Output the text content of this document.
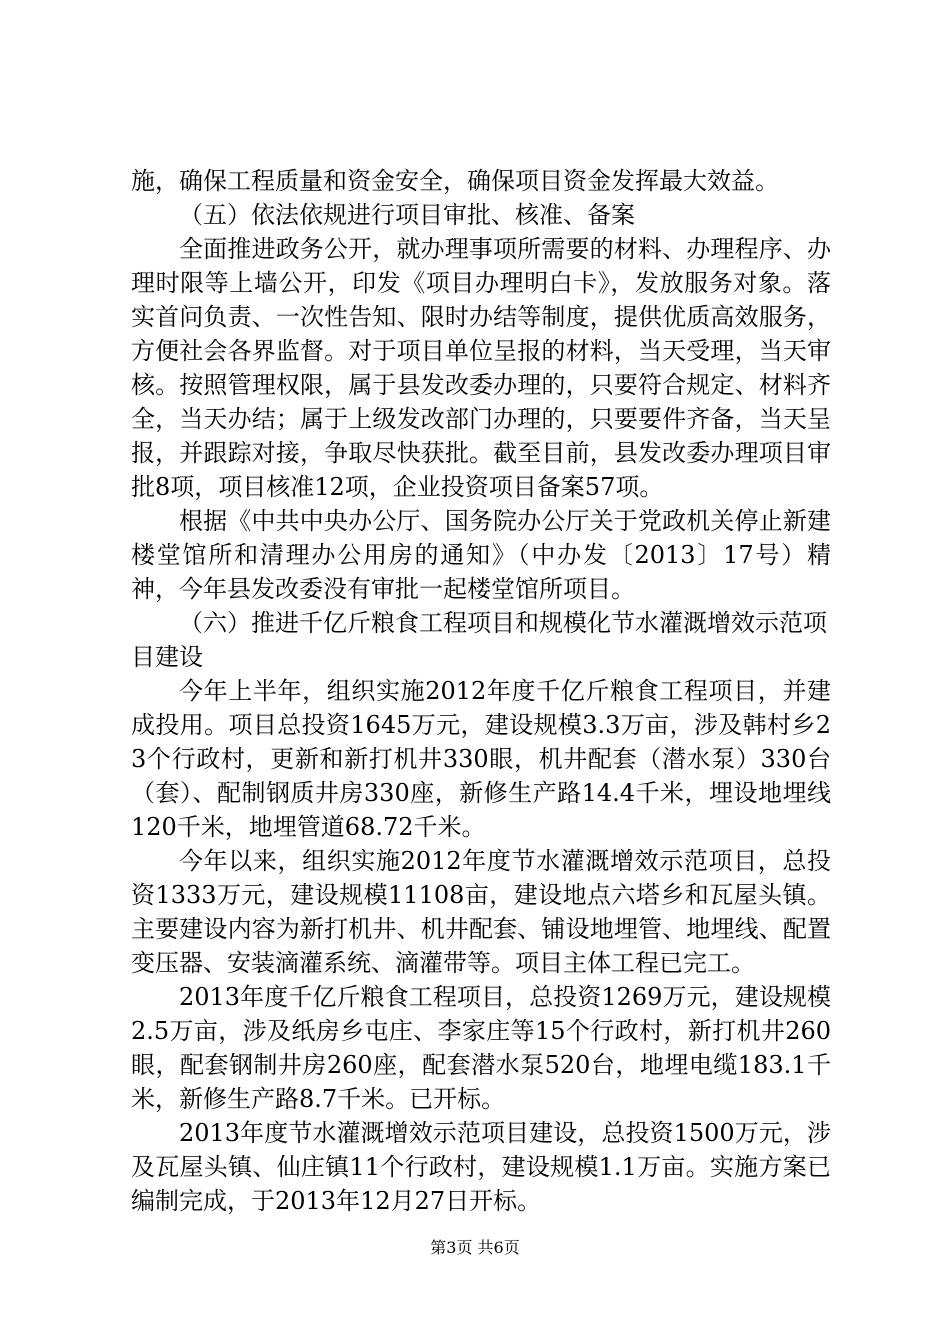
施，确保工程质量和资金安全，确保项目资金发挥最大效益。

（五）依法依规进行项目审批、核准、备案

全面推进政务公开，就办理事项所需要的材料、办理程序、办理时限等上墙公开，印发《项目办理明白卡》，发放服务对象。落实首问负责、一次性告知、限时办结等制度，提供优质高效服务，方便社会各界监督。对于项目单位呈报的材料，当天受理，当天审核。按照管理权限，属于县发改委办理的，只要符合规定、材料齐全，当天办结；属于上级发改部门办理的，只要要件齐备，当天呈报，并跟踪对接，争取尽快获批。截至目前，县发改委办理项目审批8项，项目核准12项，企业投资项目备案57项。

根据《中共中央办公厅、国务院办公厅关于党政机关停止新建楼堂馆所和清理办公用房的通知》（中办发〔2013〕17号）精神，今年县发改委没有审批一起楼堂馆所项目。

（六）推进千亿斤粮食工程项目和规模化节水灌溉增效示范项目建设

今年上半年，组织实施2012年度千亿斤粮食工程项目，并建成投用。项目总投资1645万元，建设规模3.3万亩，涉及韩村乡23个行政村，更新和新打机井330眼，机井配套（潜水泵）330台（套）、配制钢质井房330座，新修生产路14.4千米，埋设地埋线120千米，地埋管道68.72千米。

今年以来，组织实施2012年度节水灌溉增效示范项目，总投资1333万元，建设规模11108亩，建设地点六塔乡和瓦屋头镇。主要建设内容为新打机井、机井配套、铺设地埋管、地埋线、配置变压器、安装滴灌系统、滴灌带等。项目主体工程已完工。

2013年度千亿斤粮食工程项目，总投资1269万元，建设规模2.5万亩，涉及纸房乡屯庄、李家庄等15个行政村，新打机井260眼，配套钢制井房260座，配套潜水泵520台，地埋电缆183.1千米，新修生产路8.7千米。已开标。

2013年度节水灌溉增效示范项目建设，总投资1500万元，涉及瓦屋头镇、仙庄镇11个行政村，建设规模1.1万亩。实施方案已编制完成，于2013年12月27日开标。

第3页 共6页
